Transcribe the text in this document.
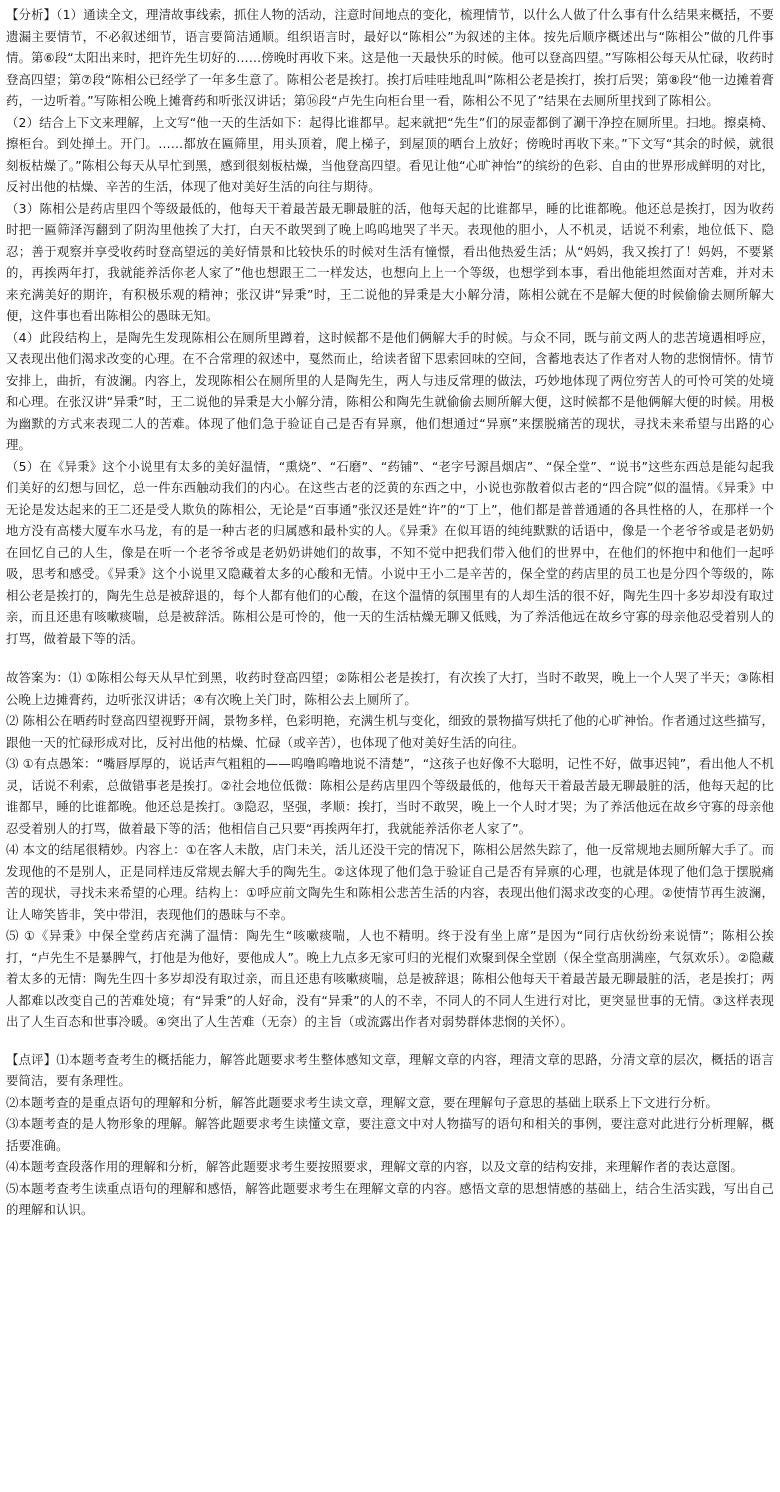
【分析】（1）通读全文，理清故事线索，抓住人物的活动，注意时间地点的变化，梳理情节，以什么人做了什么事有什么结果来概括，不要遗漏主要情节，不必叙述细节，语言要简洁通顺。组织语言时，最好以“陈相公”为叙述的主体。按先后顺序概述出与“陈相公”做的几件事情。第⑥段“太阳出来时，把许先生切好的……傍晚时再收下来。这是他一天最快乐的时候。他可以登高四望。”写陈相公每天从忙碌，收药时登高四望；第⑦段“陈相公已经学了一年多生意了。陈相公老是挨打。挨打后哇哇地乱叫”陈相公老是挨打，挨打后哭；第⑧段“他一边摊着膏药，一边听着。”写陈相公晚上摊膏药和听张汉讲话；第⑯段“卢先生向柜台里一看，陈相公不见了”结果在去厕所里找到了陈相公。

（2）结合上下文来理解，上文写“他一天的生活如下：起得比谁都早。起来就把“先生”们的尿壶都倒了涮干净控在厕所里。扫地。擦桌椅、擦柜台。到处掸土。开门。……都放在匾筛里，用头顶着，爬上梯子，到屋顶的晒台上放好；傍晚时再收下来。”下文写“其余的时候，就很刻板枯燥了。”陈相公每天从早忙到黑，感到很刻板枯燥，当他登高四望。看见让他“心旷神怡”的缤纷的色彩、自由的世界形成鲜明的对比，反衬出他的枯燥、辛苦的生活，体现了他对美好生活的向往与期待。

（3）陈相公是药店里四个等级最低的，他每天干着最苦最无聊最脏的活，他每天起的比谁都早，睡的比谁都晚。他还总是挨打，因为收药时把一匾筛泽泻翻到了阴沟里他挨了大打，白天不敢哭到了晚上呜呜地哭了半天。表现他的胆小，人不机灵，话说不利索，地位低下、隐忍；善于观察并享受收药时登高望远的美好情景和比较快乐的时候对生活有憧憬，看出他热爱生活；从“妈妈，我又挨打了！妈妈，不要紧的，再挨两年打，我就能养活你老人家了”他也想跟王二一样发达，也想向上上一个等级，也想学到本事，看出他能坦然面对苦难，并对未来充满美好的期许，有积极乐观的精神；张汉讲“异秉”时，王二说他的异秉是大小解分清，陈相公就在不是解大便的时候偷偷去厕所解大便，这件事也看出陈相公的愚昧无知。

（4）此段结构上，是陶先生发现陈相公在厕所里蹲着，这时候都不是他们俩解大手的时候。与众不同，既与前文两人的悲苦境遇相呼应，又表现出他们渴求改变的心理。在不合常理的叙述中，戛然而止，给读者留下思索回味的空间，含蓄地表达了作者对人物的悲悯情怀。情节安排上，曲折，有波澜。内容上，发现陈相公在厕所里的人是陶先生，两人与违反常理的做法，巧妙地体现了两位穷苦人的可怜可笑的处境和心理。在张汉讲“异秉”时，王二说他的异秉是大小解分清，陈相公和陶先生就偷偷去厕所解大便，这时候都不是他俩解大便的时候。用极为幽默的方式来表现二人的苦难。体现了他们急于验证自己是否有异禀，他们想通过“异禀”来摆脱痛苦的现状，寻找未来希望与出路的心理。

（5）在《异秉》这个小说里有太多的美好温情，“熏烧”、“石磨”、“药铺”、“老字号源昌烟店”、“保全堂”、“说书”这些东西总是能勾起我们美好的幻想与回忆，总一件东西触动我们的内心。在这些古老的泛黄的东西之中，小说也弥散着似古老的“四合院”似的温情。《异秉》中无论是发达起来的王二还是受人欺负的陈相公，无论是“百事通”张汉还是姓“许”的“丁上”，他们都是普普通通的各具性格的人，在那样一个地方没有高楼大厦车水马龙，有的是一种古老的归属感和最朴实的人。《异秉》在似耳语的纯纯默默的话语中，像是一个老爷爷或是老奶奶在回忆自己的人生，像是在听一个老爷爷或是老奶奶讲她们的故事，不知不觉中把我们带入他们的世界中，在他们的怀抱中和他们一起呼吸，思考和感受。《异秉》这个小说里又隐藏着太多的心酸和无情。小说中王小二是辛苦的，保全堂的药店里的员工也是分四个等级的，陈相公老是挨打的，陶先生总是被辞退的，每个人都有他们的心酸，在这个温情的氛围里有的人却生活的很不好，陶先生四十多岁却没有取过亲，而且还患有咳嗽痰喘，总是被辞活。陈相公是可怜的，他一天的生活枯燥无聊又低贱，为了养活他远在故乡守寡的母亲他忍受着别人的打骂，做着最下等的活。

故答案为：⑴ ①陈相公每天从早忙到黑，收药时登高四望；②陈相公老是挨打，有次挨了大打，当时不敢哭，晚上一个人哭了半天；③陈相公晚上边摊膏药，边听张汉讲话；④有次晚上关门时，陈相公去上厕所了。

⑵ 陈相公在晒药时登高四望视野开阔，景物多样，色彩明艳，充满生机与变化，细致的景物描写烘托了他的心旷神怡。作者通过这些描写，跟他一天的忙碌形成对比，反衬出他的枯燥、忙碌（或辛苦），也体现了他对美好生活的向往。

⑶ ①有点愚笨：“嘴唇厚厚的，说话声气粗粗的——呜噜呜噜地说不清楚”，“这孩子也好像不大聪明，记性不好，做事迟钝”，看出他人不机灵，话说不利索，总做错事老是挨打。②社会地位低微：陈相公是药店里四个等级最低的，他每天干着最苦最无聊最脏的活，他每天起的比谁都早，睡的比谁都晚。他还总是挨打。③隐忍，坚强，孝顺：挨打，当时不敢哭，晚上一个人时才哭；为了养活他远在故乡守寡的母亲他忍受着别人的打骂，做着最下等的活；他相信自己只要“再挨两年打，我就能养活你老人家了”。

⑷ 本文的结尾很精妙。内容上：①在客人未散，店门未关，活儿还没干完的情况下，陈相公居然失踪了，他一反常规地去厕所解大手了。而发现他的不是别人，正是同样违反常规去解大手的陶先生。②这体现了他们急于验证自己是否有异禀的心理，也就是体现了他们急于摆脱痛苦的现状，寻找未来希望的心理。结构上：①呼应前文陶先生和陈相公悲苦生活的内容，表现出他们渴求改变的心理。②使情节再生波澜，让人啼笑皆非，笑中带泪，表现他们的愚昧与不幸。

⑸ ①《异秉》中保全堂药店充满了温情：陶先生“咳嗽痰喘，人也不精明。终于没有坐上席”是因为“同行店伙纷纷来说情”；陈相公挨打，“卢先生不是暴脾气，打他是为他好，要他成人”。晚上九点多无家可归的光棍们欢聚到保全堂剧（保全堂高朋满座，气氛欢乐）。②隐藏着太多的无情：陶先生四十多岁却没有取过亲，而且还患有咳嗽痰喘，总是被辞退；陈相公他每天干着最苦最无聊最脏的活，老是挨打；两人都难以改变自己的苦难处境；有“异秉”的人好命，没有“异秉”的人的不幸，不同人的不同人生进行对比，更突显世事的无情。③这样表现出了人生百态和世事冷暖。④突出了人生苦难（无奈）的主旨（或流露出作者对弱势群体悲悯的关怀）。

【点评】⑴本题考查考生的概括能力，解答此题要求考生整体感知文章，理解文章的内容，理清文章的思路，分清文章的层次，概括的语言要简洁，要有条理性。

⑵本题考查的是重点语句的理解和分析，解答此题要求考生读文章，理解文意，要在理解句子意思的基础上联系上下文进行分析。

⑶本题考查的是人物形象的理解。解答此题要求考生读懂文章，要注意文中对人物描写的语句和相关的事例，要注意对此进行分析理解，概括要准确。

⑷本题考查段落作用的理解和分析，解答此题要求考生要按照要求，理解文章的内容，以及文章的结构安排，来理解作者的表达意图。

⑸本题考查考生读重点语句的理解和感悟，解答此题要求考生在理解文章的内容。感悟文章的思想情感的基础上，结合生活实践，写出自己的理解和认识。
